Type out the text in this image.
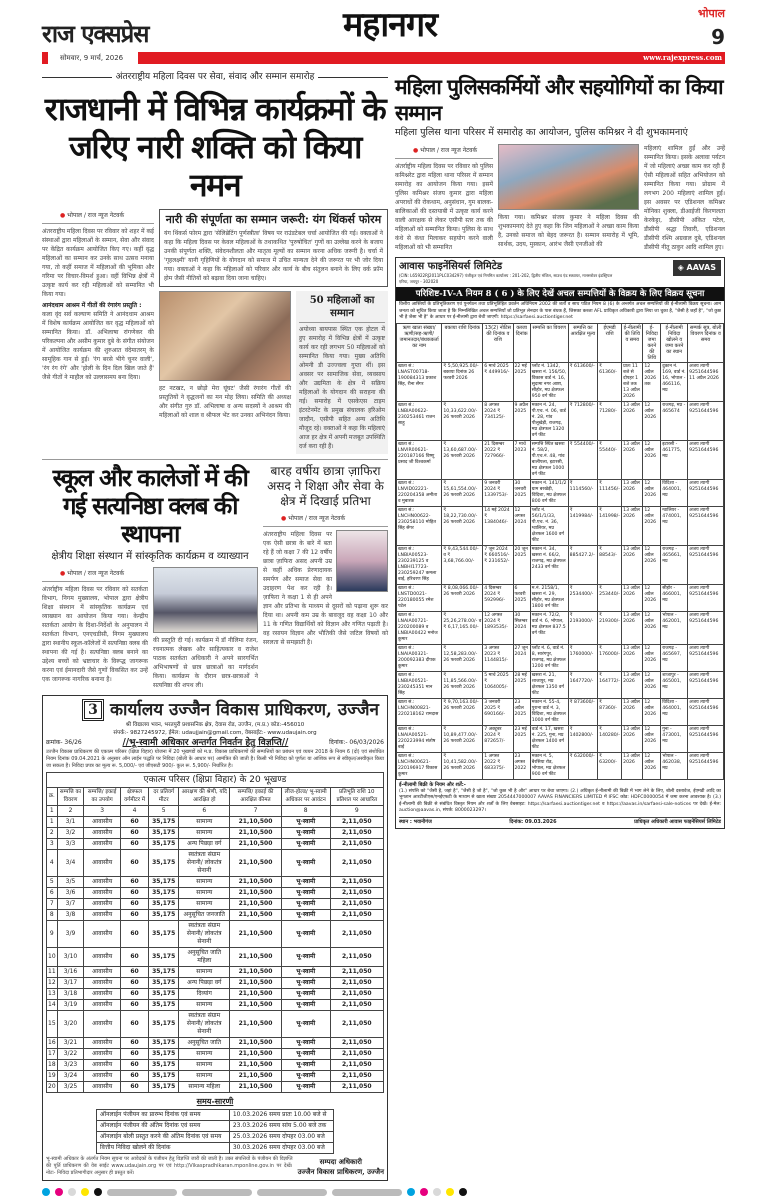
राज एक्सप्रेस	महानगर	भोपाल
9
सोमवार, 9 मार्च, 2026	www.rajexpress.com
अंतरराष्ट्रीय महिला दिवस पर सेवा, संवाद और सम्मान समारोह
राजधानी में विभिन्न कार्यक्रमों के जरिए नारी शक्ति को किया नमन
● भोपाल / राज न्यूज नेटवर्क

अंतरराष्ट्रीय महिला दिवस पर रविवार को शहर में कई संस्थाओं द्वारा महिलाओं के सम्मान, सेवा और संवाद पर केंद्रित कार्यक्रम आयोजित किए गए। कहीं वृद्ध महिलाओं का सम्मान कर उनके साथ उत्सव मनाया गया, तो कहीं समाज में महिलाओं की भूमिका और गरिमा पर विचार-विमर्श हुआ। वहीं विभिन्न क्षेत्रों में उत्कृष्ट कार्य कर रही महिलाओं को सम्मानित भी किया गया।

आनंदधाम आश्रम में गीतों की रंगारंग प्रस्तुति :

कला वृंद सर्व कल्याण समिति ने आनंदधाम आश्रम में विशेष कार्यक्रम आयोजित कर वृद्ध महिलाओं को सम्मानित किया। डॉ. अभिलाषा रांगणेकर की परिकल्पना और असीम कुमार दुबे के संगीत संयोजन में आयोजित कार्यक्रम की शुरुआत वंदेमातरम् के सामूहिक गान से हुई। 'रंग बरसे भीगे चुनर वाली', 'रंग रंग रंगे' और 'होली के दिन दिल खिल जाते हैं' जैसे गीतों ने माहौल को उल्लासमय बना दिया।

नारी की संपूर्णता का सम्मान जरूरी: यंग थिंकर्स फोरम

यंग थिंकर्स फोरम द्वारा 'सेलिब्रेटिंग पूर्णस्त्रीत्व' विषय पर राउंडटेबल चर्चा आयोजित की गई। वक्ताओं ने कहा कि महिला दिवस पर केवल महिलाओं के तथाकथित 'पुरुषोचित' गुणों का उल्लेख करने के बजाय उनकी संपूर्णता शक्ति, संवेदनशीलता और मातृत्व मूल्यों का सम्मान करना अधिक जरूरी है। चर्चा में 'गृहलक्ष्मी' यानी गृहिणियों के योगदान को समाज में उचित मान्यता देने की जरूरत पर भी जोर दिया गया। वक्ताओं ने कहा कि महिलाओं को परिवार और कार्य के बीच संतुलन बनाने के लिए वर्क फ्रॉम होम जैसी नीतियों को बढ़ावा दिया जाना चाहिए।

हट नटखट, न छोड़ो मेरा घूंघट' जैसी रंगारंग गीतों की प्रस्तुतियों ने वृद्धजनों का मन मोह लिया। समिति की अध्यक्ष और संगीत गुरु डॉ. अभिलाषा व अन्य सदस्यों ने आश्रम की महिलाओं को शाल व श्रीफल भेंट कर उनका अभिनंदन किया।

50 महिलाओं का सम्मान

अयोध्या बायपास स्थित एक होटल में हुए समारोह में विभिन्न क्षेत्रों में उत्कृष्ट कार्य कर रही लगभग 50 महिलाओं को सम्मानित किया गया। मुख्य अतिथि ओमनी डी उज्ज्वला गुप्ता थीं। इस अवसर पर सामाजिक सेवा, व्यवसाय और उद्यमिता के क्षेत्र में सक्रिय महिलाओं के योगदान की सराहना की गई। समारोह में एसकेएस टाइम इंटरटेनमेंट के प्रमुख संचालक हरिओम जादौन, एसीपी सहित अन्य अतिथि मौजूद रहे। वक्ताओं ने कहा कि महिलाएं आज हर क्षेत्र में अपनी मजबूत उपस्थिति दर्ज करा रही हैं।

स्कूल और कालेजों में की गई सत्यनिष्ठा क्लब की स्थापना
क्षेत्रीय शिक्षा संस्थान में सांस्कृतिक कार्यक्रम व व्याख्यान
● भोपाल / राज न्यूज नेटवर्क

अंतर्राष्ट्रीय महिला दिवस पर रविवार को सतर्कता विभाग, निगम मुख्यालय, भोपाल द्वारा क्षेत्रीय शिक्षा संस्थान में सांस्कृतिक कार्यक्रम एवं व्याख्यान का आयोजन किया गया। केन्द्रीय सतर्कता आयोग के दिशा-निर्देशों के अनुपालन में सतर्कता विभाग, एनएचडीसी, निगम मुख्यालय द्वारा स्थानीय स्कूल-कॉलेजों में सत्यनिष्ठा क्लब की स्थापना की गई है। सत्यनिष्ठा क्लब बनाने का उद्देश्य बच्चों को भ्रष्टाचार के विरूद्ध जागरूक करना एवं ईमानदारी जैसे गुणों विकसित कर उन्हें एक जागरूक नागरिक बनाना है।

की प्रस्तुति दी गई। कार्यक्रम में डॉ नीलिमा रंजन, रचनात्मक लेखक और साहित्यकार व राजेश पाठक सतर्कता अधिकारी ने अपने सारगर्भित अभिभाषणों से छात्र छात्राओं का मार्गदर्शन किया। कार्यक्रम के दौरान छात्र-छात्राओं ने सत्यनिष्ठा की शपथ ली।

बारह वर्षीय छात्रा ज़ाफिरा असद ने शिक्षा और सेवा के क्षेत्र में दिखाई प्रतिभा
● भोपाल / राज न्यूज नेटवर्क

अंतरराष्ट्रीय महिला दिवस पर एक ऐसी छात्रा के बारे में बता रहे हैं जो कक्षा 7 की 12 वर्षीय छात्रा ज़ाफिरा असद अपनी उम्र से कहीं अधिक प्रेरणादायक समर्पण और समाज सेवा का उदाहरण पेश कर रही है। ज़ाफिरा ने कक्षा 1 से ही अपने ज्ञान और प्रतिभा के माध्यम से दूसरों को पढ़ाना शुरू कर दिया था। अपनी कम उम्र के बावजूद वह कक्षा 10 और 11 के गणित विद्यार्थियों को विज्ञान और गणित पढ़ाती है। वह रसायन विज्ञान और भौतिकी जैसे जटिल विषयों को सरलता से समझाती है।

3 कार्यालय उज्जैन विकास प्राधिकरण, उज्जैन
श्री विद्यालय भवन, भरतपुरी प्रशासनिक क्षेत्र, देवास रोड, उज्जैन, (म.प्र.) कोड:-456010
संपर्क:- 9827245972, ईमेल: udaujjain@gmail.com, वेबसाईट:- www.udaujain.org
क्रमांक- 36/26	//भू-स्वामी अधिकार अन्तर्गत निवर्तन हेतु विज्ञप्ति//	दिनांक:- 06/03/2026

उज्जैन विकास प्राधिकरण की एकात्म परिसर (क्षिप्रा विहार) योजना में 20 भूखण्डों को म.प्र. विकास प्राधिकरणों की सम्पत्तियों का प्रबंधन एवं व्ययन 2018 के नियम 6 (दो) एवं संशोधित नियम दिनांक 09.04.2021 के अनुसार ऑन लाईन पद्धति पर निविदा (बोली के आधार पर) आमंत्रित की जाती है। किसी भी निविदा को पूर्णतः या आंशिक रूप से स्वीकृत/अस्वीकृत किया जा सकता है। निविदा प्रपत्र का मूल्य रू. 5,000/- एवं जीएसटी 900/- कुल रू. 5,900/- निर्धारित है।

एकात्म परिसर (क्षिप्रा विहार) के 20 भूखण्ड
क्र.	सम्पत्ति का विवरण	सम्पत्ति/ इकाई का उपयोग	क्षेत्रफल वर्गमीटर में	दर प्रतिवर्ग मीटर	आरक्षण की श्रेणी, यदि आरक्षित हो	सम्पत्ति/ इकाई की आरक्षित कीमत	लीज-होल्ड/ भू-स्वामी अधिकार पर आवंटन	प्रतिभूति राशि 10 प्रतिशत पर आधारित
1	2	3	4	5	6	7	8	9
1	3/1	आवासीय	60	35,175	सामान्य	21,10,500	भू-स्वामी	2,11,050
2	3/2	आवासीय	60	35,175	सामान्य	21,10,500	भू-स्वामी	2,11,050
3	3/3	आवासीय	60	35,175	अन्य पिछड़ा वर्ग	21,10,500	भू-स्वामी	2,11,050
4	3/4	आवासीय	60	35,175	स्वतंत्रता संग्राम सेनानी/ लोकतंत्र सेनानी	21,10,500	भू-स्वामी	2,11,050
5	3/5	आवासीय	60	35,175	सामान्य	21,10,500	भू-स्वामी	2,11,050
6	3/6	आवासीय	60	35,175	सामान्य	21,10,500	भू-स्वामी	2,11,050
7	3/7	आवासीय	60	35,175	सामान्य	21,10,500	भू-स्वामी	2,11,050
8	3/8	आवासीय	60	35,175	अनुसूचित जनजाति	21,10,500	भू-स्वामी	2,11,050
9	3/9	आवासीय	60	35,175	स्वतंत्रता संग्राम सेनानी/ लोकतंत्र सेनानी	21,10,500	भू-स्वामी	2,11,050
10	3/10	आवासीय	60	35,175	अनुसूचित जाति महिला	21,10,500	भू-स्वामी	2,11,050
11	3/16	आवासीय	60	35,175	सामान्य	21,10,500	भू-स्वामी	2,11,050
12	3/17	आवासीय	60	35,175	अन्य पिछड़ा वर्ग	21,10,500	भू-स्वामी	2,11,050
13	3/18	आवासीय	60	35,175	दिव्यांग	21,10,500	भू-स्वामी	2,11,050
14	3/19	आवासीय	60	35,175	सामान्य	21,10,500	भू-स्वामी	2,11,050
15	3/20	आवासीय	60	35,175	स्वतंत्रता संग्राम सेनानी/ लोकतंत्र सेनानी	21,10,500	भू-स्वामी	2,11,050
16	3/21	आवासीय	60	35,175	अनुसूचित जाति	21,10,500	भू-स्वामी	2,11,050
17	3/22	आवासीय	60	35,175	सामान्य	21,10,500	भू-स्वामी	2,11,050
18	3/23	आवासीय	60	35,175	सामान्य	21,10,500	भू-स्वामी	2,11,050
19	3/24	आवासीय	60	35,175	सामान्य	21,10,500	भू-स्वामी	2,11,050
20	3/25	आवासीय	60	35,175	सामान्य महिला	21,10,500	भू-स्वामी	2,11,050
समय-सारणी
ऑनलाईन पंजीयन का प्रारम्भ दिनांक एवं समय	10.03.2026 समय प्रातः 10.00 बजे से
ऑनलाईन पंजीयन की अंतिम दिनांक एवं समय	23.03.2026 समय सांय 5.00 बजे तक
ऑनलाईन बोली प्रस्तुत करने की अंतिम दिनांक एवं समय	25.03.2026 समय दोपहर 03.00 बजे
वित्तीय निविदा खोलने की दिनांक	30.03.2026 समय दोपहर 03.00 बजे

भू-स्वामी अधिकार के अंतर्गत नियम सूचना पर आवेदकों के पंजीयन हेतु विज्ञप्ति जारी की जाती है। उक्त संपत्तियों के पंजीयन की विज्ञप्ति की पूर्ति प्राधिकरण की वेब साईट www.udaujain.org पर एवं http://Vikaspradhikaran.mponline.gov.in पर देखें। नोटः- निविदा प्रतिभागीदार अनुसार ही प्रस्तुत करें।

सम्पदा अधिकारी
उज्जैन विकास प्राधिकरण, उज्जैन
महिला पुलिसकर्मियों और सहयोगियों का किया सम्मान
महिला पुलिस थाना परिसर में समारोह का आयोजन, पुलिस कमिश्नर ने दी शुभकामनाएं
● भोपाल / राज न्यूज नेटवर्क

अंतर्राष्ट्रीय महिला दिवस पर रविवार को पुलिस कमिश्नरेट द्वारा महिला थाना परिसर में सम्मान समारोह का आयोजन किया गया। इसमें पुलिस कमिश्नर संजय कुमार द्वारा महिला अपराधों की रोकथाम, अनुसंधान, गुम बालक-बालिकाओं की दस्तयाबी में उत्कृष्ट कार्य करने वाली आरक्षक से लेकर एसीपी स्तर तक की महिलाओं को सम्मानित किया। पुलिस के साथ कंधे से कंधा मिलाकर सहयोग करने वाली महिलाओं को भी सम्मानित

किया गया। कमिश्नर संजय कुमार ने महिला दिवस की शुभकामनाएं देते हुए कहा कि जिन महिलाओं ने अच्छा काम किया है, उनको समाज को बेहद जरूरत है। सम्मान समारोह में भूमि, सार्थक, उदय, मुस्कान, आरंभ जैसी एनजीओ की

महिलाएं शामिल हुईं और उन्हें सम्मानित किया। इसके अलावा पर्यटन में जो महिलाएं अच्छा काम कर रही हैं ऐसी महिलाओं सहित अभियोजन को सम्मानित किया गया। प्रोग्राम में लगभग 200 महिलाएं शामिल हुईं। इस अवसर पर एडिशनल कमिश्नर मोनिका शुक्ला, डीआईजी किरणलता केरकेट्टा, डीसीपी अंकित पटेल, डीसीपी श्रद्धा तिवारी, एडिशनल डीसीपी रश्मि अग्रवाल दुबे, एडिशनल डीसीपी नीतू ठाकुर आदि शामिल हुए।

आवास फाइनेंसियर्स लिमिटेड
(CIN: L65922RJ2011PLC034297) पंजीकृत एवं निगमित कार्यालय : 201-202, द्वितीय मंजिल, साउथ एंड स्क्वायर, मानसरोवर इंडस्ट्रियल एरिया, जयपुर - 302020
◈ AAVAS
परिशिष्ट-IV-A नियम 8 ( 6 ) के लिए देखें अचल सम्पत्तियों के विक्रय के लिए विक्रय सूचना

वित्तीय आस्तियों के प्रतिभूतिकरण एवं पुनर्गठन तथा प्रतिभूतिहित प्रवर्तन अधिनियम 2002 की शर्तों व साथ पठित नियम 8 (6) के अन्तर्गत अचल सम्पत्तियों की ई-नीलामी विक्रय सूचना। आम जनता को सूचित किया जाता है कि निम्नलिखित अचल सम्पत्तियाँ जो प्रतिभूत लेनदार के पास बंधक हैं, जिसका कब्जा AFL प्राधिकृत अधिकारी द्वारा लिया जा चुका है, "जैसी है जहाँ है", "जो कुछ भी है जैसा भी है" के आधार पर ई-नीलामी द्वारा बेची जाएगी: https://sarfaesi.auctiontiger.net

ऋण खाता संख्या/ऋणी/सह-ऋणी/जमानतदार/बंधककर्ता का नाम	बकाया राशि दिनांक	13(2) नोटिस की दिनांक व राशि	कब्जा दिनांक	सम्पत्ति का विवरण	सम्पत्ति का आरक्षित मूल्य	ईएमडी राशि	ई-नीलामी की तिथि व समय	ई-निविदा जमा करने की तिथि	ई-नीलामी निविदा खोलने व जमा करने का स्थान	सम्पर्क सूत्र, बोली विवरण दिनांक व समय
खाता सं.: LNAST00718-190084313 प्रकाश सिंह, रीना सेंगर	₹ 5,50,925.00/- बकाया दिनांक 26 फरवरी 2026	6 मार्च 2025 ₹ 449916/-	22 मई 2025	प्लॉट नं. 1342, खसरा नं. 156/50, विकास वार्ड नं. 16, सुदामा नगर आष्टा, सीहोर, मप्र क्षेत्रफल 950 वर्ग फीट	₹ 613600/-	₹ 61360/-	प्रातः 11 बजे से दोपहर 1 बजे तक 13 अप्रैल 2026	12 अप्रैल 2026 तक	दुकान नं. 169, वार्ड नं. 16, भोपाल - 466116, मप्र	अजय त्यागी 9251644596 11 अप्रैल 2026
खाता सं.: LNBIA00622-230253461 राजन साहू	₹ 10,33,622.00/- 26 फरवरी 2026	8 अगस्त 2024 ₹ 734125/-	9 अप्रैल 2025	मकान नं. 24, पी.एच. नं. 06, वार्ड नं. 28, गांव पीलूखेड़ी, राजगढ़, मप्र क्षेत्रफल 1320 वर्ग फीट	₹ 712800/-	₹ 71280/-	13 अप्रैल 2026	12 अप्रैल 2026	राजगढ़, मप्र - 465674	अजय त्यागी 9251644596
खाता सं.: LNVIR00621-220187166 विष्णु प्रसाद जी विश्वकर्मा	₹ 13,60,687.00/- 26 फरवरी 2026	21 दिसम्बर 2022 ₹ 727966/-	7 मार्च 2023	सम्पत्ति स्थित खसरा नं. 58/2, पी.एच.नं. 48, गांव बालीपला, इटारसी, मप्र क्षेत्रफल 1000 वर्ग फीट	₹ 554400/-	₹ 55440/-	13 अप्रैल 2026	12 अप्रैल 2026	इटारसी - 461775, मप्र	अजय त्यागी 9251644596
खाता सं.: LNVID02221-220204358 अमीता व मुबारक	₹ 15,61,554.00/- 26 फरवरी 2026	9 जनवरी 2024 ₹ 1339753/-	30 जनवरी 2025	मकान नं. 141/1/2 ग्राम बरखेड़ी, विदिशा, मप्र क्षेत्रफल 800 वर्ग फीट	₹ 1114560/-	₹ 111456/-	13 अप्रैल 2026	12 अप्रैल 2026	विदिशा - 464001, मप्र	अजय त्यागी 9251644596
खाता सं.: LNCHN00622-230258110 मोहित सिंह सेंगर	₹ 18,22,730.00/- 26 फरवरी 2026	14 मई 2024 ₹ 1384046/-	12 अगस्त 2024	प्लॉट नं. 56/1/1/33, पी.एच. नं. 36, ग्वालियर, मप्र क्षेत्रफल 1600 वर्ग फीट	₹ 1419984/-	₹ 141998/-	13 अप्रैल 2026	12 अप्रैल 2026	ग्वालियर - 474001, मप्र	अजय त्यागी 9251644596
खाता सं.: LNBIA00523-230239125 व LNBHI17723-230259247 कमला बाई, हरिचरण सिंह	₹ 9,43,544.00/- व ₹ 3,68,766.00/-	7 जून 2024 ₹ 660516/- ₹ 231652/-	20 जून 2025	मकान नं. 34, खसरा नं. 66/2, राजगढ़, मप्र क्षेत्रफल 2433 वर्ग फीट	₹ 885427.2/-	₹ 88543/-	13 अप्रैल 2026	12 अप्रैल 2026	राजगढ़ - 465661, मप्र	अजय त्यागी 9251644596
खाता सं.: LNSTD0021-220180055 रमेश पटेल	₹ 8,08,066.00/- 26 फरवरी 2026	4 दिसम्बर 2024 ₹ 592996/-	6 फरवरी 2025	म.नं. 2158/1, खसरा नं. 29, सीहोर, मप्र क्षेत्रफल 1800 वर्ग फीट	₹ 2534400/-	₹ 253440/-	13 अप्रैल 2026	12 अप्रैल 2026	सीहोर - 466001, मप्र	अजय त्यागी 9251644596
खाता सं.: LNAIA00721-220200089 व LNBIA00422 मनोज कुमार	₹ 25,26,278.00/- व ₹ 6,17,165.00/-	12 अगस्त 2024 ₹ 1893535/-	30 सितम्बर 2024	मकान नं. 72/2, वार्ड नं. 6, भोपाल, मप्र क्षेत्रफल 837.5 वर्ग फीट	₹ 2193000/-	₹ 219300/-	13 अप्रैल 2026	12 अप्रैल 2026	भोपाल - 462001, मप्र	अजय त्यागी 9251644596
खाता सं.: LNAIA00321-200092383 दीपक कुमार	₹ 12,58,283.00/- 26 फरवरी 2026	3 अगस्त 2023 ₹ 1144815/-	27 जून 2024	प्लॉट नं. 6, वार्ड नं. 8, सारंगपुर, राजगढ़, मप्र क्षेत्रफल 1200 वर्ग फीट	₹ 1760000/-	₹ 176000/-	13 अप्रैल 2026	12 अप्रैल 2026	राजगढ़ - 465697, मप्र	अजय त्यागी 9251644596
खाता सं.: LNBIA00521-230245351 मान सिंह	₹ 11,85,566.00/- 26 फरवरी 2026	5 मार्च 2025 ₹ 1064005/-	28 मई 2025	खसरा नं. 21, शाजापुर, मप्र क्षेत्रफल 1350 वर्ग फीट	₹ 1647720/-	₹ 164772/-	13 अप्रैल 2026	12 अप्रैल 2026	शाजापुर - 465001, मप्र	अजय त्यागी 9251644596
खाता सं.: LNCHN00821-220218162 रामदास	₹ 9,70,163.00/- 26 फरवरी 2026	3 जनवरी 2025 ₹ 690166/-	23 अप्रैल 2025	मकान नं. 55-4, पुराना वार्ड नं. 3, विदिशा, मप्र क्षेत्रफल 1000 वर्ग फीट	₹ 873600/-	₹ 87360/-	13 अप्रैल 2026	12 अप्रैल 2026	विदिशा - 464001, मप्र	अजय त्यागी 9251644596
खाता सं.: LNAIA00521-220223994 संतोष बाई	₹ 10,89,477.00/- 26 फरवरी 2026	7 अक्टूबर 2024 ₹ 872657/-	23 मई 2025	वार्ड नं. 17, खसरा नं. 225, गुना, मप्र क्षेत्रफल 1400 वर्ग फीट	₹ 1402800/-	₹ 140280/-	13 अप्रैल 2026	12 अप्रैल 2026	गुना - 473001, मप्र	अजय त्यागी 9251644596
खाता सं.: LNCHN00621-220196917 विकास कुमार	₹ 10,41,582.00/- 26 फरवरी 2026	1 अगस्त 2022 ₹ 683375/-	23 अगस्त 2022	मकान नं. 5, बैरसिया रोड, भोपाल, मप्र क्षेत्रफल 900 वर्ग फीट	₹ 632000/-	₹ 63200/-	13 अप्रैल 2026	12 अप्रैल 2026	भोपाल - 462038, मप्र	अजय त्यागी 9251644596
ई-नीलामी बिक्री के नियम और शर्तें:-

(1.) संपत्ति को "जैसी है, जहां है", "जैसी है जो है", "जो कुछ भी है और" आधार पर बेचा जाएगा। (2.) अधिकृत ई-नीलामी की बिक्री में भाग लेने के लिए, बोली दस्तावेज, ईएमडी आदि का भुगतान आरटीजीएस/एनईएफटी के माध्यम से खाता संख्या 2054447000007 AAVAS FINANCIERS LIMITED में IFSC कोड: HDFC0000054 में जमा करना आवश्यक है। (3.) ई-नीलामी की बिक्री से संबंधित विस्तृत नियम और शर्तों के लिए वेबसाइट: https://sarfaesi.auctiontiger.net व https://aavas.in/sarfaesi-sale-notices पर देखें। ई-मेल: auction@aavas.in, संपर्क: 8000023297।

स्थान : भवानीगंज	दिनांक: 09.03.2026	प्राधिकृत अधिकारी आवास फाइनेंसियर्स लिमिटेड
